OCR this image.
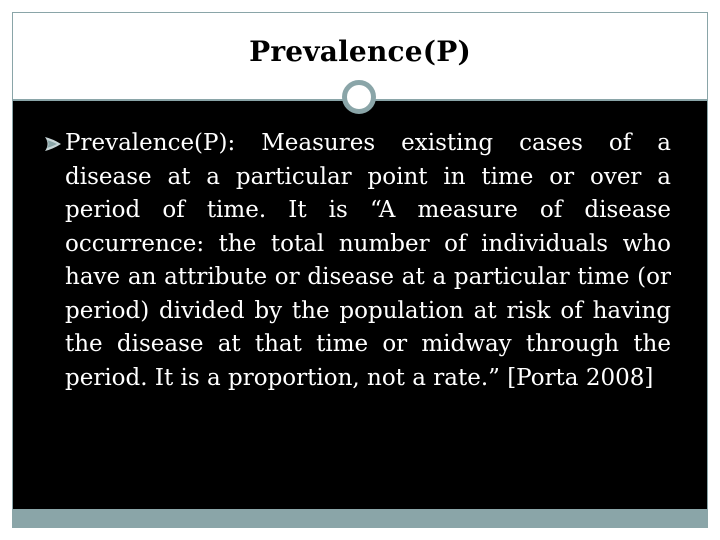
Prevalence(P)
Prevalence(P): Measures existing cases of a disease at a particular point in time or over a period of time. It is “A measure of disease occurrence: the total number of individuals who have an attribute or disease at a particular time (or period) divided by the population at risk of having the disease at that time or midway through the period. It is a proportion, not a rate.” [Porta 2008]
